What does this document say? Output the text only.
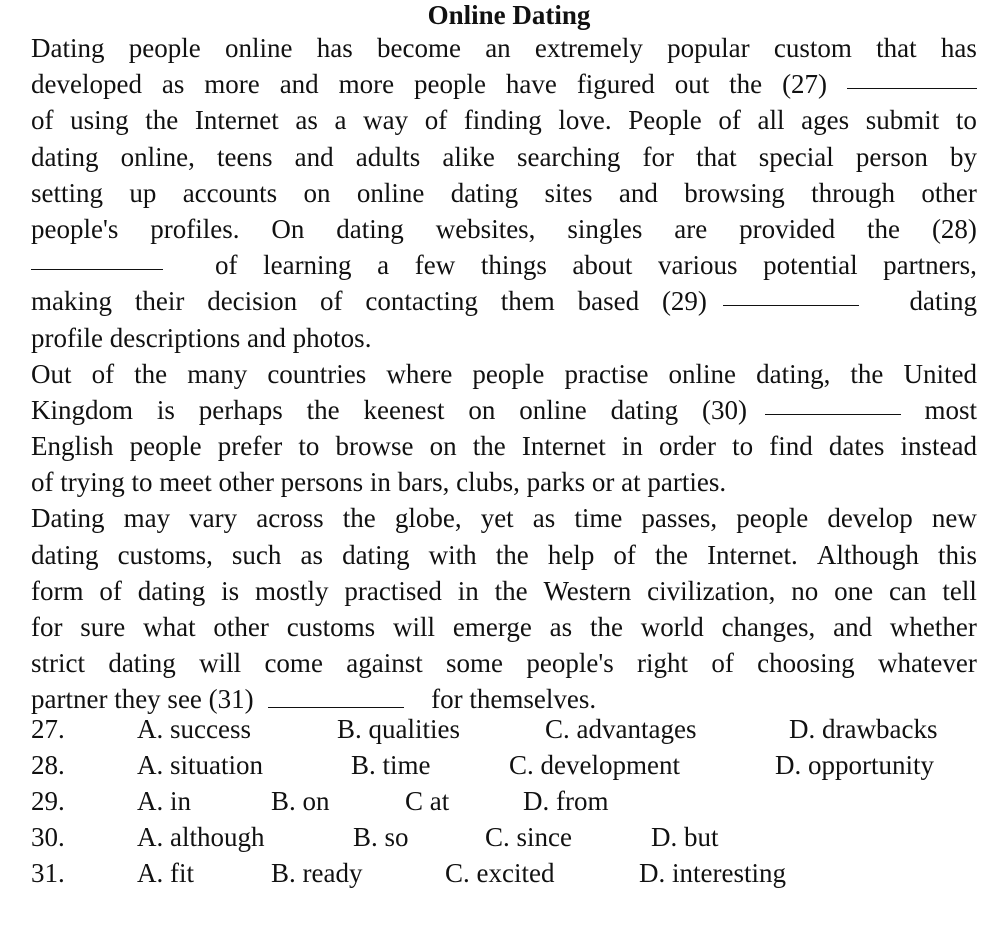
Online Dating
Dating people online has become an extremely popular custom that has
developed as more and more people have figured out the (27)
of using the Internet as a way of finding love. People of all ages submit to
dating online, teens and adults alike searching for that special person by
setting up accounts on online dating sites and browsing through other
people's profiles. On dating websites, singles are provided the (28)
of learning a few things about various potential partners,
making their decision of contacting them based (29)	dating
profile descriptions and photos.
Out of the many countries where people practise online dating, the United
Kingdom is perhaps the keenest on online dating (30)	most
English people prefer to browse on the Internet in order to find dates instead
of trying to meet other persons in bars, clubs, parks or at parties.
Dating may vary across the globe, yet as time passes, people develop new
dating customs, such as dating with the help of the Internet. Although this
form of dating is mostly practised in the Western civilization, no one can tell
for sure what other customs will emerge as the world changes, and whether
strict dating will come against some people's right of choosing whatever
partner they see (31)	for themselves.
27.	A. success	B. qualities	C. advantages	D. drawbacks
28.	A. situation	B. time	C. development	D. opportunity
29.	A. in	B. on	C at	D. from
30.	A. although	B. so	C. since	D. but
31.	A. fit	B. ready	C. excited	D. interesting
